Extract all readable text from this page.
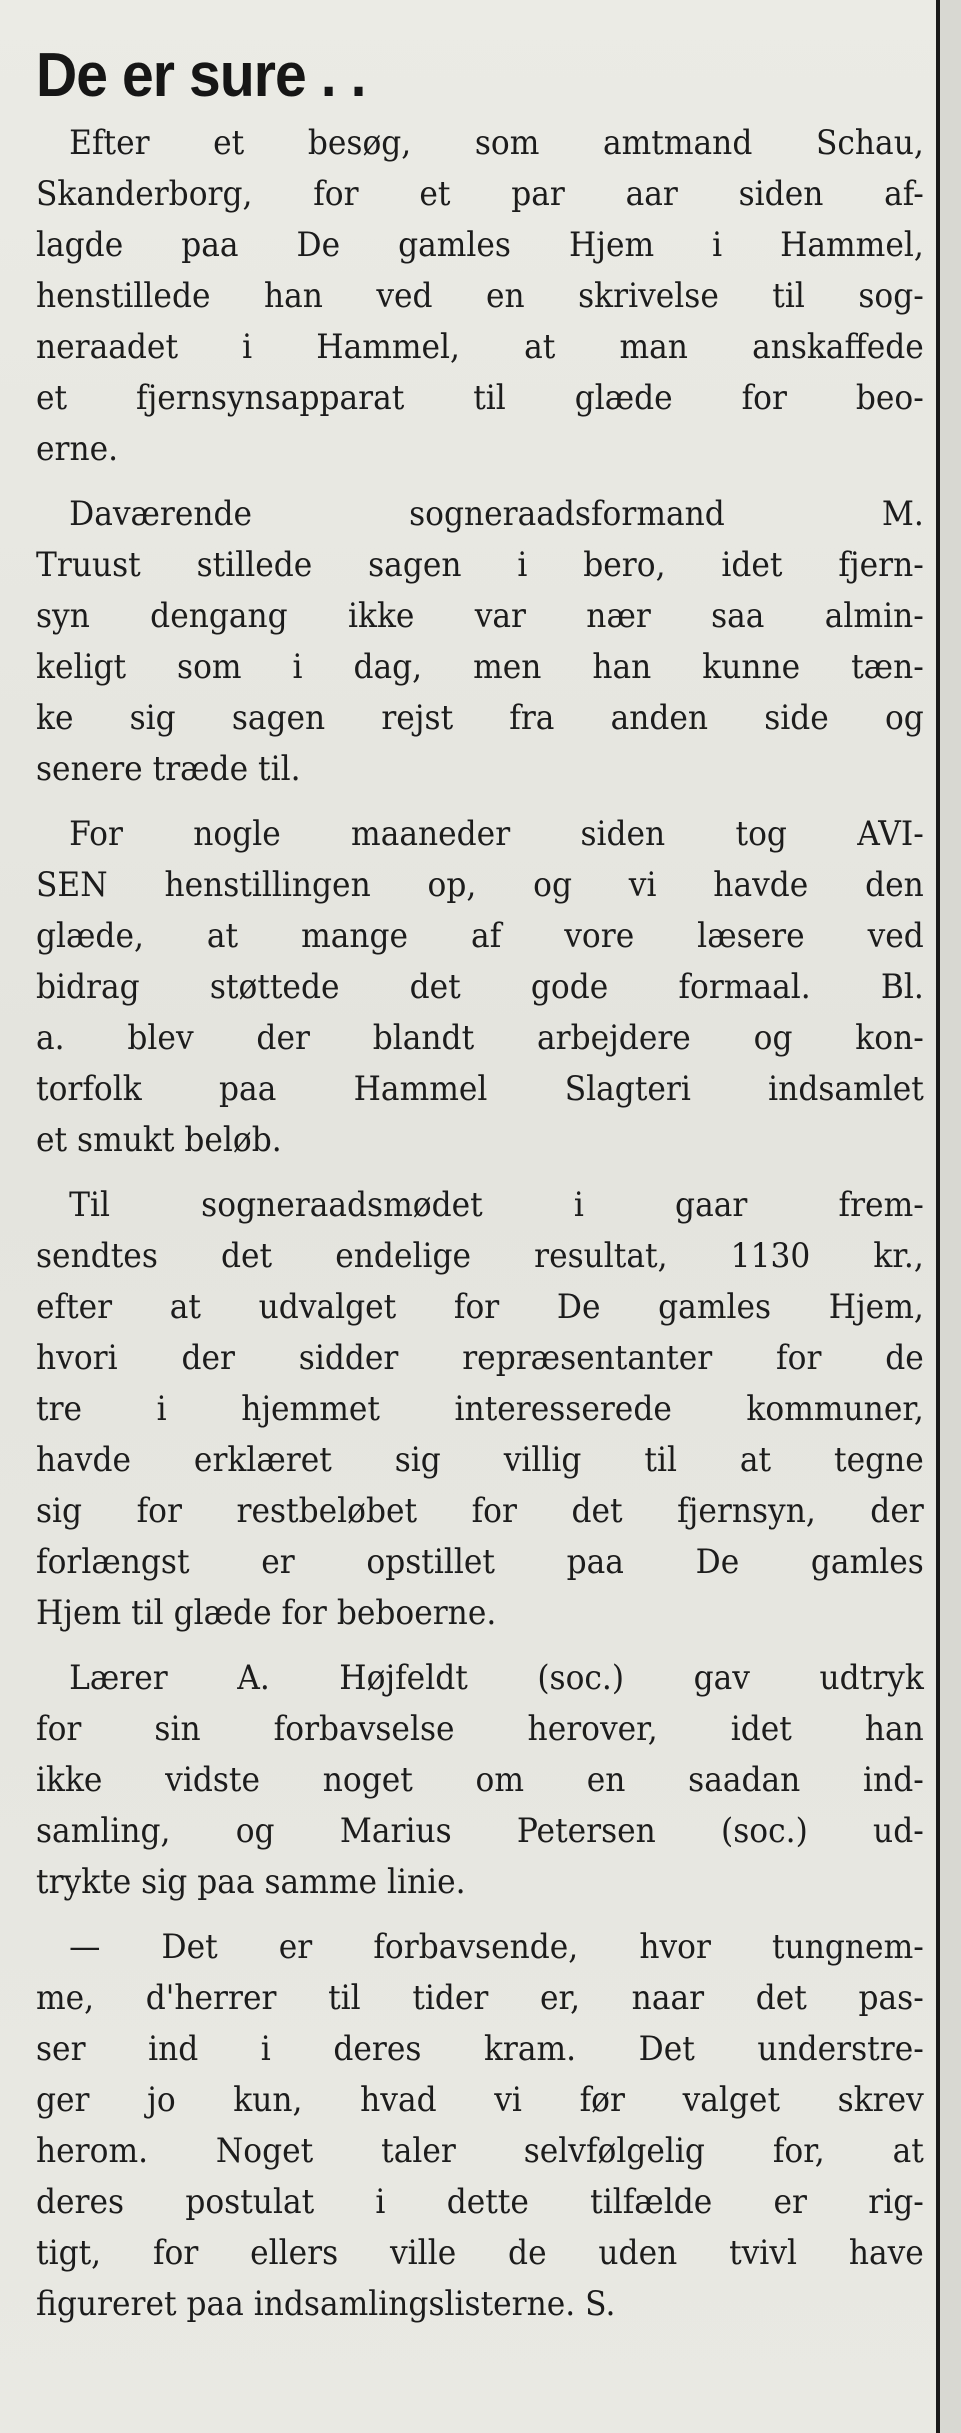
De er sure . .
Efter et besøg, som amtmand Schau,
Skanderborg, for et par aar siden af-
lagde paa De gamles Hjem i Hammel,
henstillede han ved en skrivelse til sog-
neraadet i Hammel, at man anskaffede
et fjernsynsapparat til glæde for beo-
erne.
Daværende sogneraadsformand M.
Truust stillede sagen i bero, idet fjern-
syn dengang ikke var nær saa almin-
keligt som i dag, men han kunne tæn-
ke sig sagen rejst fra anden side og
senere træde til.
For nogle maaneder siden tog AVI-
SEN henstillingen op, og vi havde den
glæde, at mange af vore læsere ved
bidrag støttede det gode formaal. Bl.
a. blev der blandt arbejdere og kon-
torfolk paa Hammel Slagteri indsamlet
et smukt beløb.
Til sogneraadsmødet i gaar frem-
sendtes det endelige resultat, 1130 kr.,
efter at udvalget for De gamles Hjem,
hvori der sidder repræsentanter for de
tre i hjemmet interesserede kommuner,
havde erklæret sig villig til at tegne
sig for restbeløbet for det fjernsyn, der
forlængst er opstillet paa De gamles
Hjem til glæde for beboerne.
Lærer A. Højfeldt (soc.) gav udtryk
for sin forbavselse herover, idet han
ikke vidste noget om en saadan ind-
samling, og Marius Petersen (soc.) ud-
trykte sig paa samme linie.
— Det er forbavsende, hvor tungnem-
me, d'herrer til tider er, naar det pas-
ser ind i deres kram. Det understre-
ger jo kun, hvad vi før valget skrev
herom. Noget taler selvfølgelig for, at
deres postulat i dette tilfælde er rig-
tigt, for ellers ville de uden tvivl have
figureret paa indsamlingslisterne. S.
